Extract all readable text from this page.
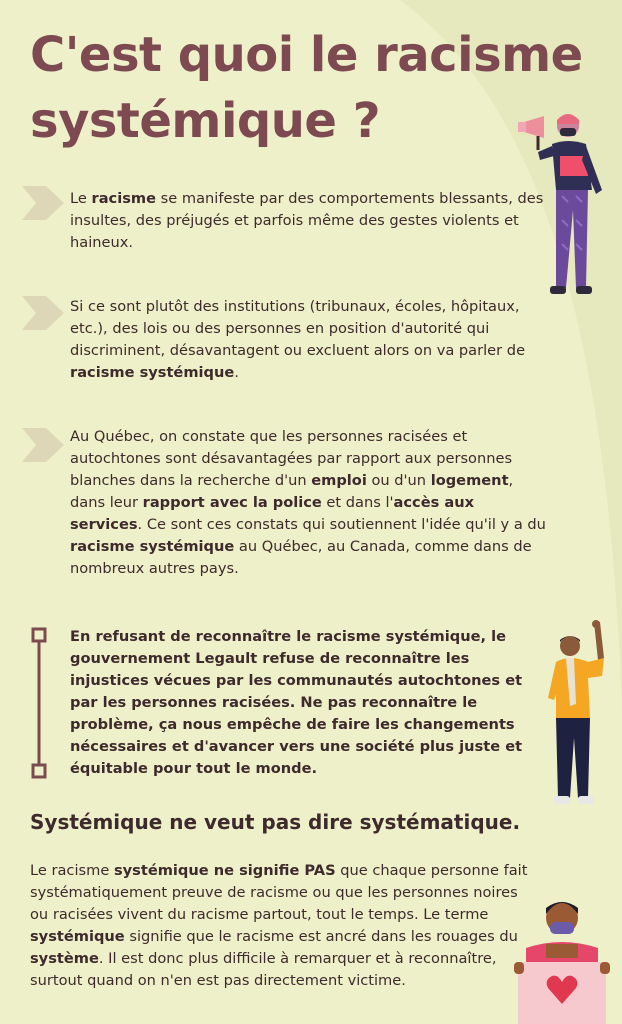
C'est quoi le racisme systémique ?

Le racisme se manifeste par des comportements blessants, des insultes, des préjugés et parfois même des gestes violents et haineux.

Si ce sont plutôt des institutions (tribunaux, écoles, hôpitaux, etc.), des lois ou des personnes en position d'autorité qui discriminent, désavantagent ou excluent alors on va parler de racisme systémique.

Au Québec, on constate que les personnes racisées et autochtones sont désavantagées par rapport aux personnes blanches dans la recherche d'un emploi ou d'un logement, dans leur rapport avec la police et dans l'accès aux services. Ce sont ces constats qui soutiennent l'idée qu'il y a du racisme systémique au Québec, au Canada, comme dans de nombreux autres pays.

En refusant de reconnaître le racisme systémique, le gouvernement Legault refuse de reconnaître les injustices vécues par les communautés autochtones et par les personnes racisées. Ne pas reconnaître le problème, ça nous empêche de faire les changements nécessaires et d'avancer vers une société plus juste et équitable pour tout le monde.

Systémique ne veut pas dire systématique.

Le racisme systémique ne signifie PAS que chaque personne fait systématiquement preuve de racisme ou que les personnes noires ou racisées vivent du racisme partout, tout le temps. Le terme systémique signifie que le racisme est ancré dans les rouages du système. Il est donc plus difficile à remarquer et à reconnaître, surtout quand on n'en est pas directement victime.
